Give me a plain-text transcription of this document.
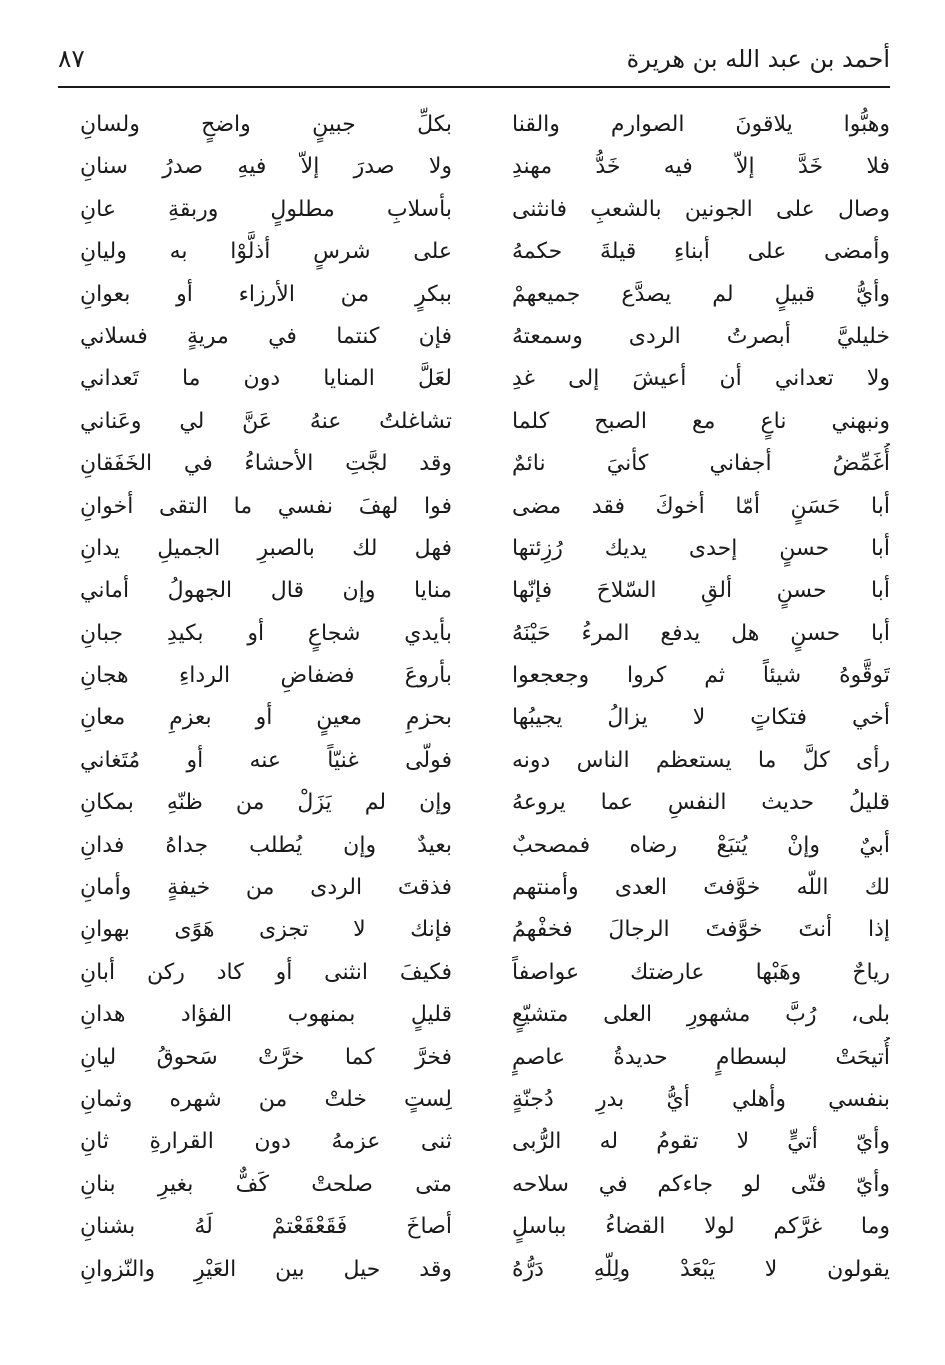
٨٧	أحمد بن عبد الله بن هريرة
وهبُّوا يلاقونَ الصوارم والقنا
فلا خَدَّ إلاّ فيه خَدُّ مهندِ
وصال على الجونين بالشعبِ فانثنى
وأمضى على أبناءِ قيلةَ حكمهُ
وأيُّ قبيلٍ لم يصدَّع جميعهمْ
خليليَّ أبصرتُ الردى وسمعتهُ
ولا تعداني أن أعيشَ إلى غدِ
ونبهني ناعٍ مع الصبح كلما
أُغَمِّضُ أجفاني كأنيَ نائمٌ
أبا حَسَنٍ أمّا أخوكَ فقد مضى
أبا حسنٍ إحدى يديك رُزِئتها
أبا حسنٍ ألقِ السّلاحَ فإنّها
أبا حسنٍ هل يدفع المرءُ حَيْنَهُ
تَوقَّوهُ شيئاً ثم كروا وجعجعوا
أخي فتكاتٍ لا يزالُ يجيبُها
رأى كلَّ ما يستعظم الناس دونه
قليلُ حديث النفسِ عما يروعهُ
أبيٌ وإنْ يُتبَعْ رضاه فمصحبٌ
لك اللّه خوَّفتَ العدى وأمنتهم
إذا أنتَ خوَّفتَ الرجالَ فخفْهمُ
رياحٌ وهَبْها عارضتك عواصفاً
بلى، رُبَّ مشهورِ العلى متشيّعٍ
أُتيحَتْ لبسطامٍ حديدةُ عاصمٍ
بنفسي وأهلي أيُّ بدرِ دُجنّةٍ
وأيّ أتيٍّ لا تقومُ له الرُّبى
وأيّ فتّى لو جاءكم في سلاحه
وما غرَّكم لولا القضاءُ بباسلٍ
يقولون لا يَبْعَدْ ولِلّهِ دَرُّهُ
بكلِّ جبينٍ واضحٍ ولسانِ
ولا صدرَ إلاّ فيهِ صدرُ سنانِ
بأسلابِ مطلولٍ وربقةِ عانِ
على شرسٍ أذلَّوْا به وليانِ
ببكرٍ من الأرزاء أو بعوانِ
فإن كنتما في مريةٍ فسلاني
لعَلَّ المنايا دون ما تَعداني
تشاغلتُ عنهُ عَنَّ لي وعَناني
وقد لجَّتِ الأحشاءُ في الخَفَقانِ
فوا لهفَ نفسي ما التقى أخوانِ
فهل لك بالصبرِ الجميلِ يدانِ
منايا وإن قال الجهولُ أماني
بأيدي شجاعٍ أو بكيدِ جبانِ
بأروعَ فضفاضِ الرداءِ هجانِ
بحزمِ معينٍ أو بعزمِ معانِ
فولّى غنيّاً عنه أو مُتَغاني
وإن لم يَزَلْ من ظنّهِ بمكانِ
بعيدٌ وإن يُطلب جداهُ فدانِ
فذقتَ الردى من خيفةٍ وأمانِ
فإنك لا تجزى هَوًى بهوانِ
فكيفَ انثنى أو كاد ركن أبانِ
قليلٍ بمنهوب الفؤاد هدانِ
فخرَّ كما خرَّتْ سَحوقُ ليانِ
لِستٍ خلتْ من شهره وثمانِ
ثنى عزمهُ دون القرارةِ ثانِ
متى صلحتْ كَفٌّ بغيرِ بنانِ
أصاخَ فَقَعْقَعْتمْ لَهُ بشنانِ
وقد حيل بين العَيْرِ والنّزوانِ
